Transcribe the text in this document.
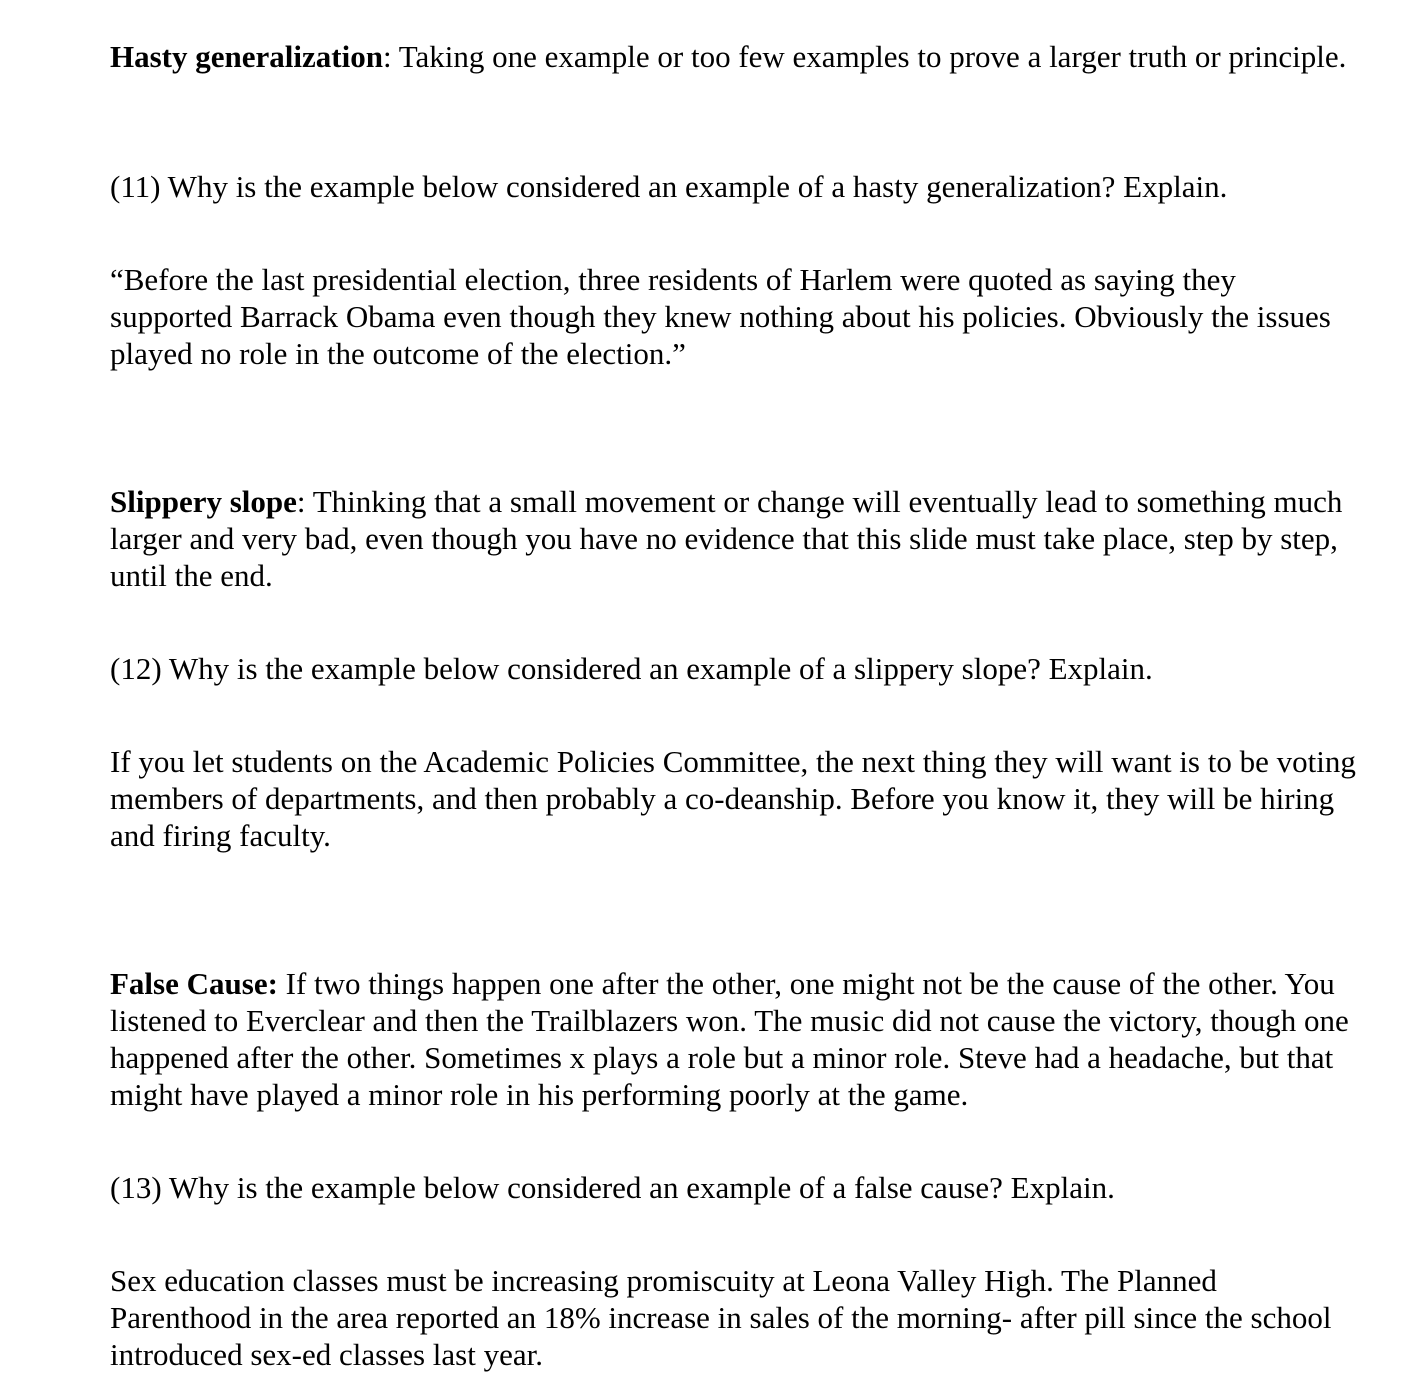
Hasty generalization: Taking one example or too few examples to prove a larger truth or principle.

(11) Why is the example below considered an example of a hasty generalization? Explain.

“Before the last presidential election, three residents of Harlem were quoted as saying they supported Barrack Obama even though they knew nothing about his policies. Obviously the issues played no role in the outcome of the election.”

Slippery slope: Thinking that a small movement or change will eventually lead to something much larger and very bad, even though you have no evidence that this slide must take place, step by step, until the end.

(12) Why is the example below considered an example of a slippery slope? Explain.

If you let students on the Academic Policies Committee, the next thing they will want is to be voting members of departments, and then probably a co-deanship. Before you know it, they will be hiring and firing faculty.

False Cause: If two things happen one after the other, one might not be the cause of the other. You listened to Everclear and then the Trailblazers won. The music did not cause the victory, though one happened after the other. Sometimes x plays a role but a minor role. Steve had a headache, but that might have played a minor role in his performing poorly at the game.

(13) Why is the example below considered an example of a false cause? Explain.

Sex education classes must be increasing promiscuity at Leona Valley High. The Planned Parenthood in the area reported an 18% increase in sales of the morning- after pill since the school introduced sex-ed classes last year.
